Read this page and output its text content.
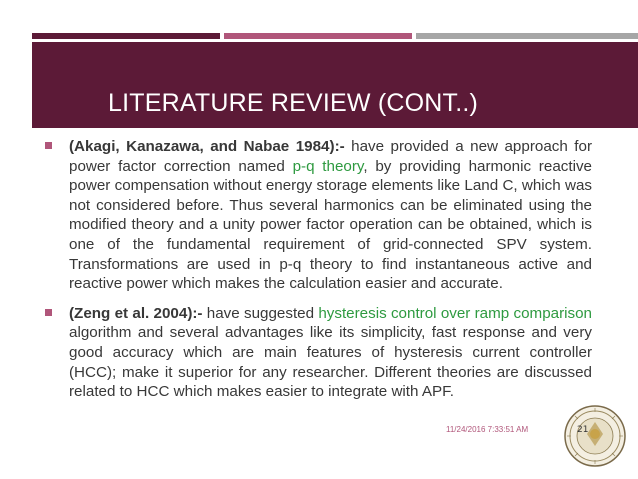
LITERATURE REVIEW (CONT..)
(Akagi, Kanazawa, and Nabae 1984):- have provided a new approach for power factor correction named p-q theory, by providing harmonic reactive power compensation without energy storage elements like Land C, which was not considered before. Thus several harmonics can be eliminated using the modified theory and a unity power factor operation can be obtained, which is one of the fundamental requirement of grid-connected SPV system. Transformations are used in p-q theory to find instantaneous active and reactive power which makes the calculation easier and accurate.
(Zeng et al. 2004):- have suggested hysteresis control over ramp comparison algorithm and several advantages like its simplicity, fast response and very good accuracy which are main features of hysteresis current controller (HCC); make it superior for any researcher. Different theories are discussed related to HCC which makes easier to integrate with APF.
11/24/2016 7:33:51 AM	21
